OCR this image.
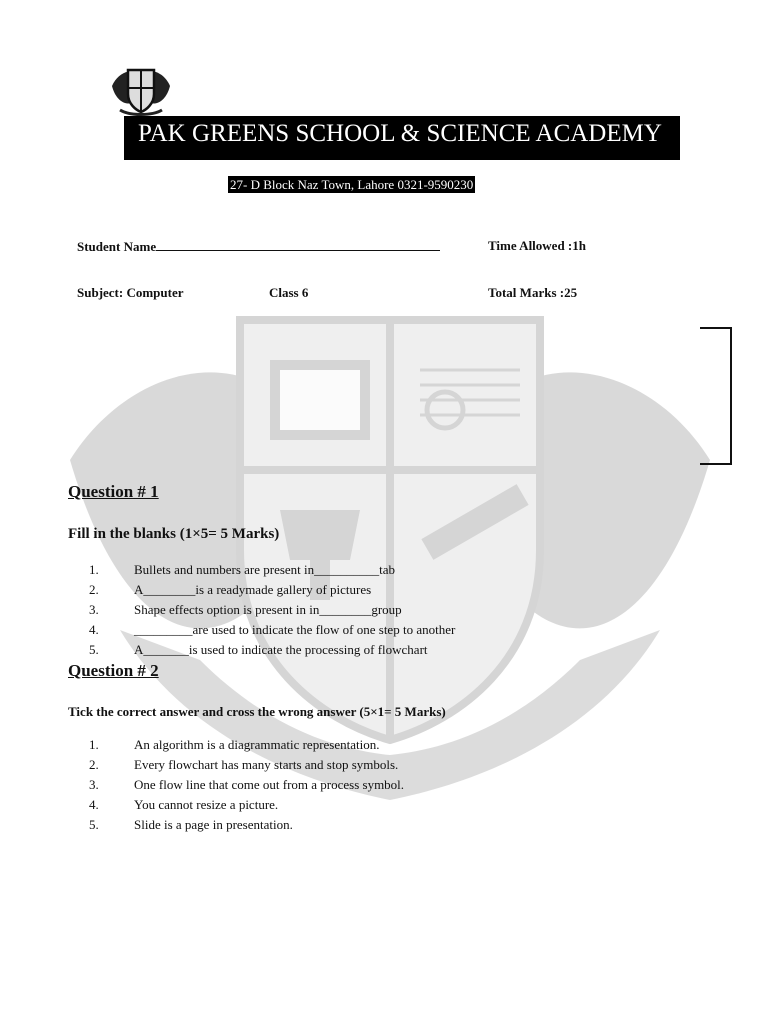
PAK GREENS SCHOOL & SCIENCE ACADEMY
27- D Block Naz Town, Lahore 0321-9590230
Student Name	Time Allowed :1h
Subject: Computer	Class 6	Total Marks :25
Question # 1
Fill in the blanks (1×5= 5 Marks)
1.	Bullets and numbers are present in__________tab
2.	A________is a readymade gallery of pictures
3.	Shape effects option is present in in________group
4.	_________are used to indicate the flow of one step to another
5.	A_______is used to indicate the processing of flowchart
Question # 2
Tick the correct answer and cross the wrong answer (5×1= 5 Marks)
1.	An algorithm is a diagrammatic representation.
2.	Every flowchart has many starts and stop symbols.
3.	One flow line that come out from a process symbol.
4.	You cannot resize a picture.
5.	Slide is a page in presentation.
